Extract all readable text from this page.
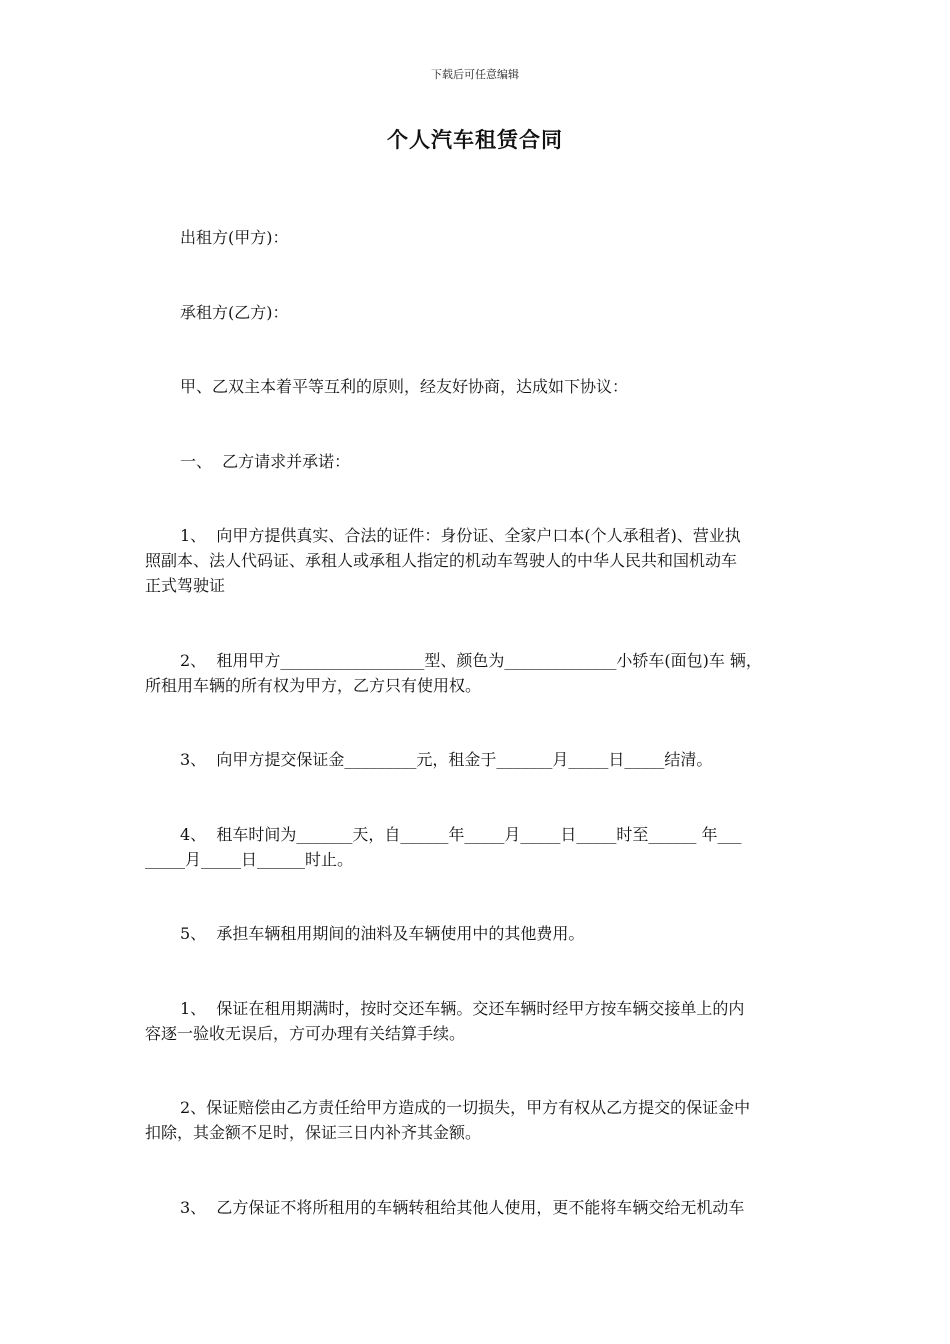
下载后可任意编辑
个人汽车租赁合同

出租方(甲方)：

承租方(乙方)：

甲、乙双主本着平等互利的原则，经友好协商，达成如下协议：

一、  乙方请求并承诺：

1、  向甲方提供真实、合法的证件：身份证、全家户口本(个人承租者)、营业执

照副本、法人代码证、承租人或承租人指定的机动车驾驶人的中华人民共和国机动车

正式驾驶证

2、  租用甲方__________________型、颜色为______________小轿车(面包)车 辆，

所租用车辆的所有权为甲方，乙方只有使用权。

3、  向甲方提交保证金_________元，租金于_______月_____日_____结清。

4、  租车时间为_______天，自______年_____月_____日_____时至______ 年___

_____月_____日______时止。

5、  承担车辆租用期间的油料及车辆使用中的其他费用。

1、  保证在租用期满时，按时交还车辆。交还车辆时经甲方按车辆交接单上的内

容逐一验收无误后，方可办理有关结算手续。

2、保证赔偿由乙方责任给甲方造成的一切损失，甲方有权从乙方提交的保证金中

扣除，其金额不足时，保证三日内补齐其金额。

3、  乙方保证不将所租用的车辆转租给其他人使用，更不能将车辆交给无机动车
